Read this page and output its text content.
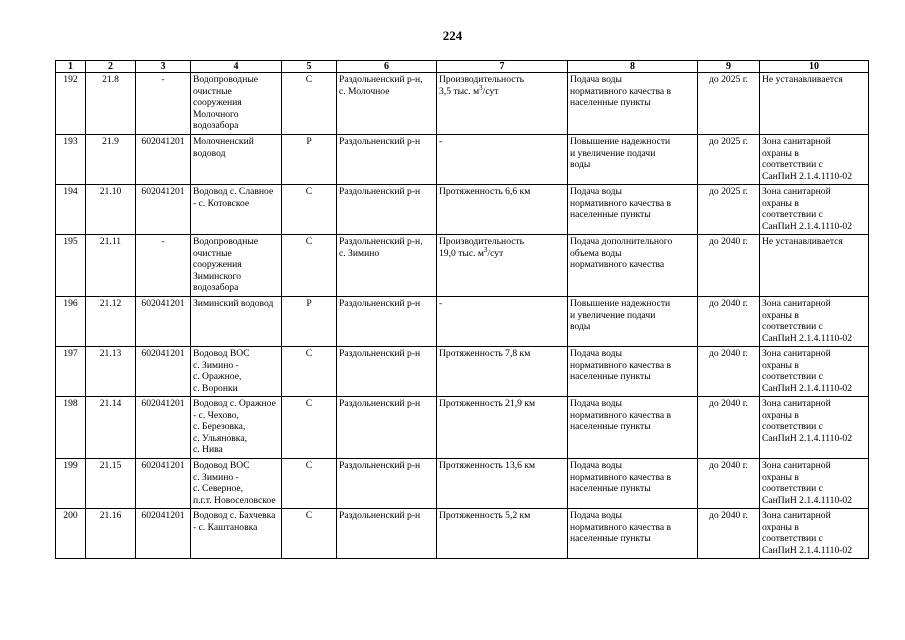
224
1	2	3	4	5	6	7	8	9	10
192	21.8	-	Водопроводные
очистные
сооружения
Молочного
водозабора	С	Раздольненский р-н,
с. Молочное	Производительность
3,5 тыс. $м^3$/сут	Подача воды
нормативного качества в
населенные пункты	до 2025 г.	Не устанавливается
193	21.9	602041201	Молочненский
водовод	Р	Раздольненский р-н	-	Повышение надежности
и увеличение подачи
воды	до 2025 г.	Зона санитарной
охраны в
соответствии с
СанПиН 2.1.4.1110-02
194	21.10	602041201	Водовод с. Славное
- с. Котовское	С	Раздольненский р-н	Протяженность 6,6 км	Подача воды
нормативного качества в
населенные пункты	до 2025 г.	Зона санитарной
охраны в
соответствии с
СанПиН 2.1.4.1110-02
195	21.11	-	Водопроводные
очистные
сооружения
Зиминского
водозабора	С	Раздольненский р-н,
с. Зимино	Производительность
19,0 тыс. $м^3$/сут	Подача дополнительного
объема воды
нормативного качества	до 2040 г.	Не устанавливается
196	21.12	602041201	Зиминский водовод	Р	Раздольненский р-н	-	Повышение надежности
и увеличение подачи
воды	до 2040 г.	Зона санитарной
охраны в
соответствии с
СанПиН 2.1.4.1110-02
197	21.13	602041201	Водовод ВОС
с. Зимино -
с. Оражное,
с. Воронки	С	Раздольненский р-н	Протяженность 7,8 км	Подача воды
нормативного качества в
населенные пункты	до 2040 г.	Зона санитарной
охраны в
соответствии с
СанПиН 2.1.4.1110-02
198	21.14	602041201	Водовод с. Оражное
- с. Чехово,
с. Березовка,
с. Ульяновка,
с. Нива	С	Раздольненский р-н	Протяженность 21,9 км	Подача воды
нормативного качества в
населенные пункты	до 2040 г.	Зона санитарной
охраны в
соответствии с
СанПиН 2.1.4.1110-02
199	21.15	602041201	Водовод ВОС
с. Зимино -
с. Северное,
п.г.т. Новоселовское	С	Раздольненский р-н	Протяженность 13,6 км	Подача воды
нормативного качества в
населенные пункты	до 2040 г.	Зона санитарной
охраны в
соответствии с
СанПиН 2.1.4.1110-02
200	21.16	602041201	Водовод с. Бахчевка
- с. Каштановка	С	Раздольненский р-н	Протяженность 5,2 км	Подача воды
нормативного качества в
населенные пункты	до 2040 г.	Зона санитарной
охраны в
соответствии с
СанПиН 2.1.4.1110-02
